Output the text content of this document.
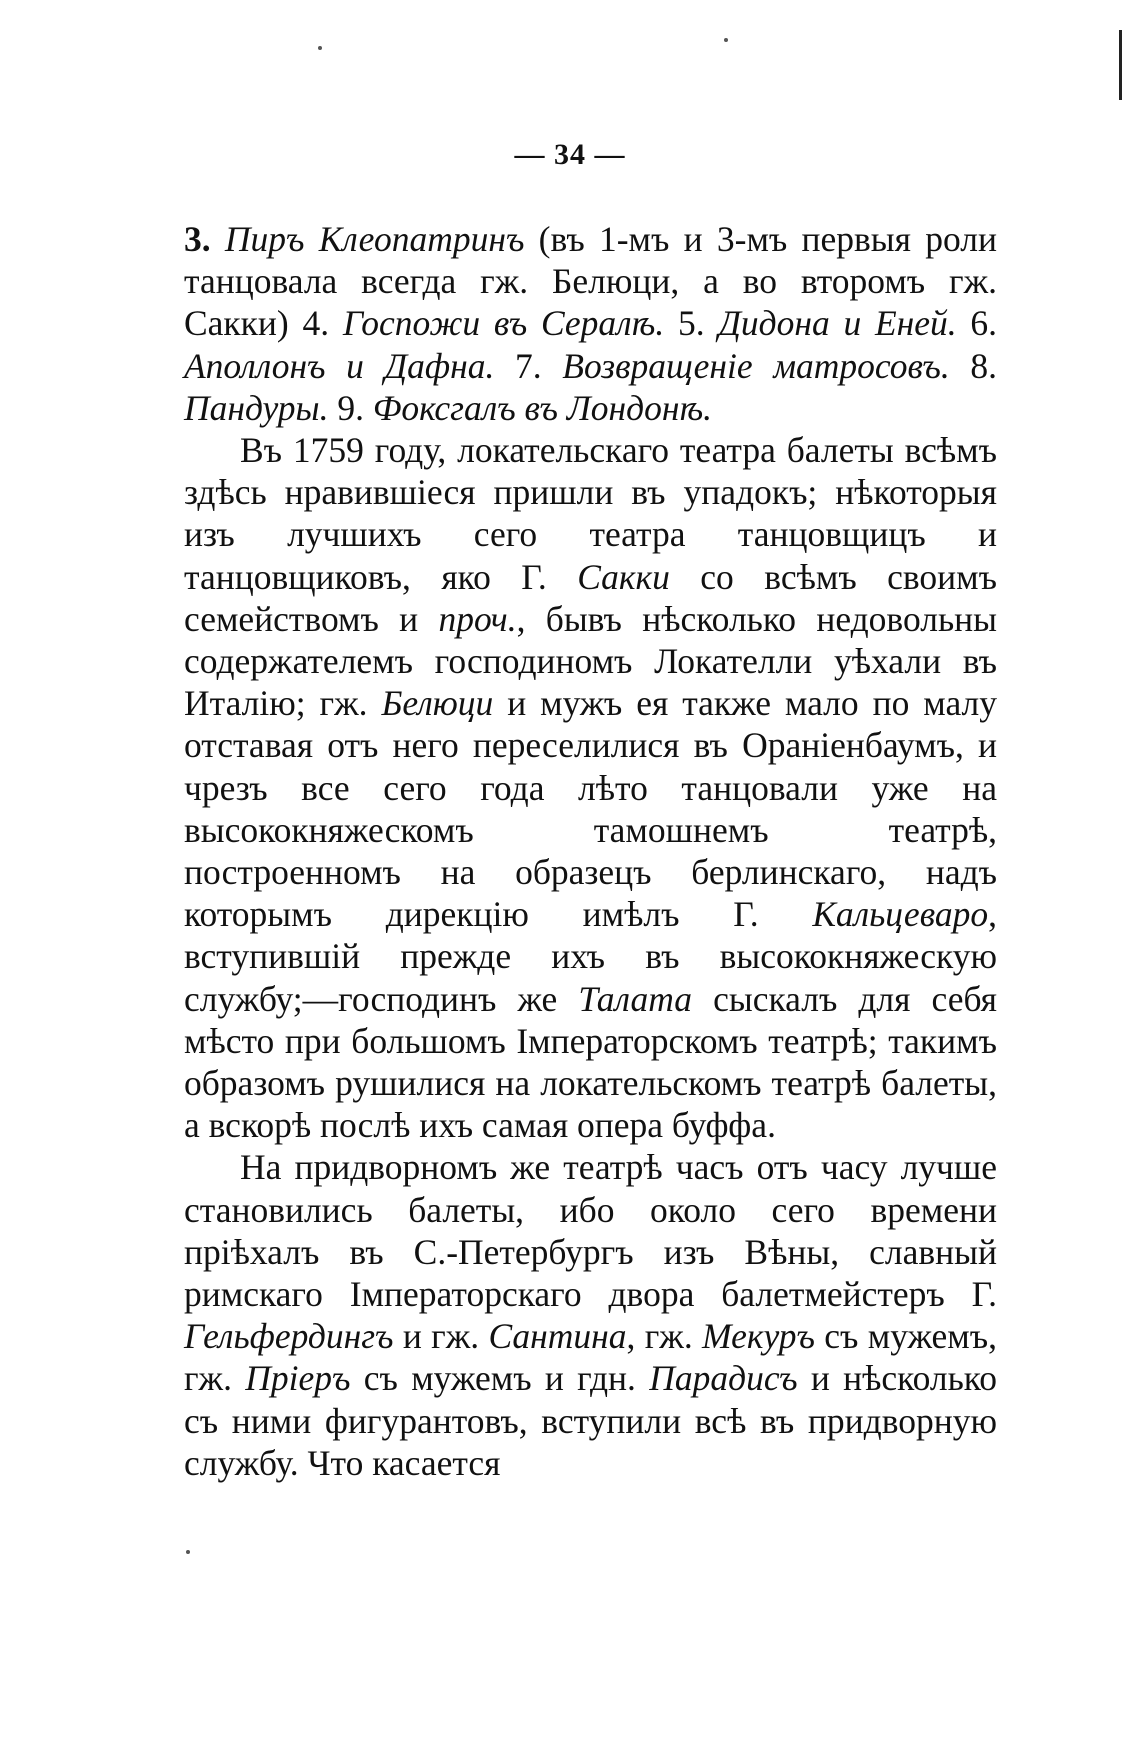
— 34 —

3. Пиръ Клеопатринъ (въ 1-мъ и 3-мъ первыя роли танцовала всегда гж. Белюци, а во второмъ гж. Сакки) 4. Госпожи въ Сералѣ. 5. Дидона и Еней. 6. Аполлонъ и Дафна. 7. Возвращеніе матросовъ. 8. Пандуры. 9. Фоксгалъ въ Лондонѣ.

Въ 1759 году, локательскаго театра балеты всѣмъ здѣсь нравившіеся пришли въ упадокъ; нѣкоторыя изъ лучшихъ сего театра танцовщицъ и танцовщиковъ, яко Г. Сакки со всѣмъ своимъ семействомъ и проч., бывъ нѣсколько недовольны содержателемъ господиномъ Локателли уѣхали въ Италію; гж. Белюци и мужъ ея также мало по малу отставая отъ него переселилися въ Ораніенбаумъ, и чрезъ все сего года лѣто танцовали уже на высококняжескомъ тамошнемъ театрѣ, построенномъ на образецъ берлинскаго, надъ которымъ дирекцію имѣлъ Г. Кальцеваро, вступившій прежде ихъ въ высококняжескую службу;—господинъ же Талата сыскалъ для себя мѣсто при большомъ Імператорскомъ театрѣ; такимъ образомъ рушилися на локательскомъ театрѣ балеты, а вскорѣ послѣ ихъ самая опера буффа.

На придворномъ же театрѣ часъ отъ часу лучше становились балеты, ибо около сего времени пріѣхалъ въ С.-Петербургъ изъ Вѣны, славный римскаго Імператорскаго двора балетмейстеръ Г. Гельфердингъ и гж. Сантина, гж. Мекуръ съ мужемъ, гж. Пріеръ съ мужемъ и гдн. Парадисъ и нѣсколько съ ними фигурантовъ, вступили всѣ въ придворную службу. Что касается
